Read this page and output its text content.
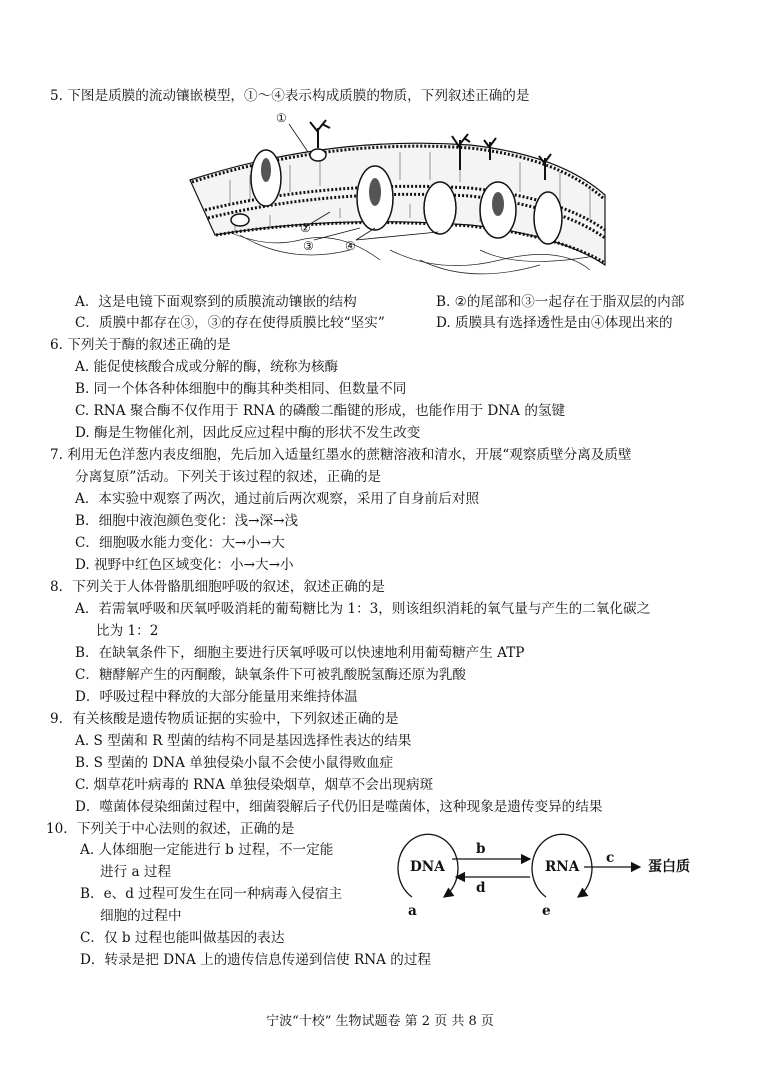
5. 下图是质膜的流动镶嵌模型，①～④表示构成质膜的物质，下列叙述正确的是
①
②
③	④
A．这是电镜下面观察到的质膜流动镶嵌的结构	B. ②的尾部和③一起存在于脂双层的内部
C．质膜中都存在③，③的存在使得质膜比较“坚实”	D. 质膜具有选择透性是由④体现出来的
6. 下列关于酶的叙述正确的是
A. 能促使核酸合成或分解的酶，统称为核酶
B. 同一个体各种体细胞中的酶其种类相同、但数量不同
C. RNA 聚合酶不仅作用于 RNA 的磷酸二酯键的形成，也能作用于 DNA 的氢键
D. 酶是生物催化剂，因此反应过程中酶的形状不发生改变
7. 利用无色洋葱内表皮细胞，先后加入适量红墨水的蔗糖溶液和清水，开展“观察质壁分离及质壁
分离复原”活动。下列关于该过程的叙述，正确的是
A．本实验中观察了两次，通过前后两次观察，采用了自身前后对照
B．细胞中液泡颜色变化：浅→深→浅
C．细胞吸水能力变化：大→小→大
D. 视野中红色区域变化：小→大→小
8．下列关于人体骨骼肌细胞呼吸的叙述，叙述正确的是
A．若需氧呼吸和厌氧呼吸消耗的葡萄糖比为 1：3，则该组织消耗的氧气量与产生的二氧化碳之
比为 1：2
B．在缺氧条件下，细胞主要进行厌氧呼吸可以快速地利用葡萄糖产生 ATP
C．糖酵解产生的丙酮酸，缺氧条件下可被乳酸脱氢酶还原为乳酸
D．呼吸过程中释放的大部分能量用来维持体温
9．有关核酸是遗传物质证据的实验中，下列叙述正确的是
A. S 型菌和 R 型菌的结构不同是基因选择性表达的结果
B. S 型菌的 DNA 单独侵染小鼠不会使小鼠得败血症
C. 烟草花叶病毒的 RNA 单独侵染烟草，烟草不会出现病斑
D．噬菌体侵染细菌过程中，细菌裂解后子代仍旧是噬菌体，这种现象是遗传变异的结果
10．下列关于中心法则的叙述，正确的是
A. 人体细胞一定能进行 b 过程，不一定能
进行 a 过程
B．e、d 过程可发生在同一种病毒入侵宿主
细胞的过程中
C．仅 b 过程也能叫做基因的表达
D．转录是把 DNA 上的遗传信息传递到信使 RNA 的过程
DNA	RNA	蛋白质
b
c
d
a	e
宁波“十校” 生物试题卷 第 2 页 共 8 页
